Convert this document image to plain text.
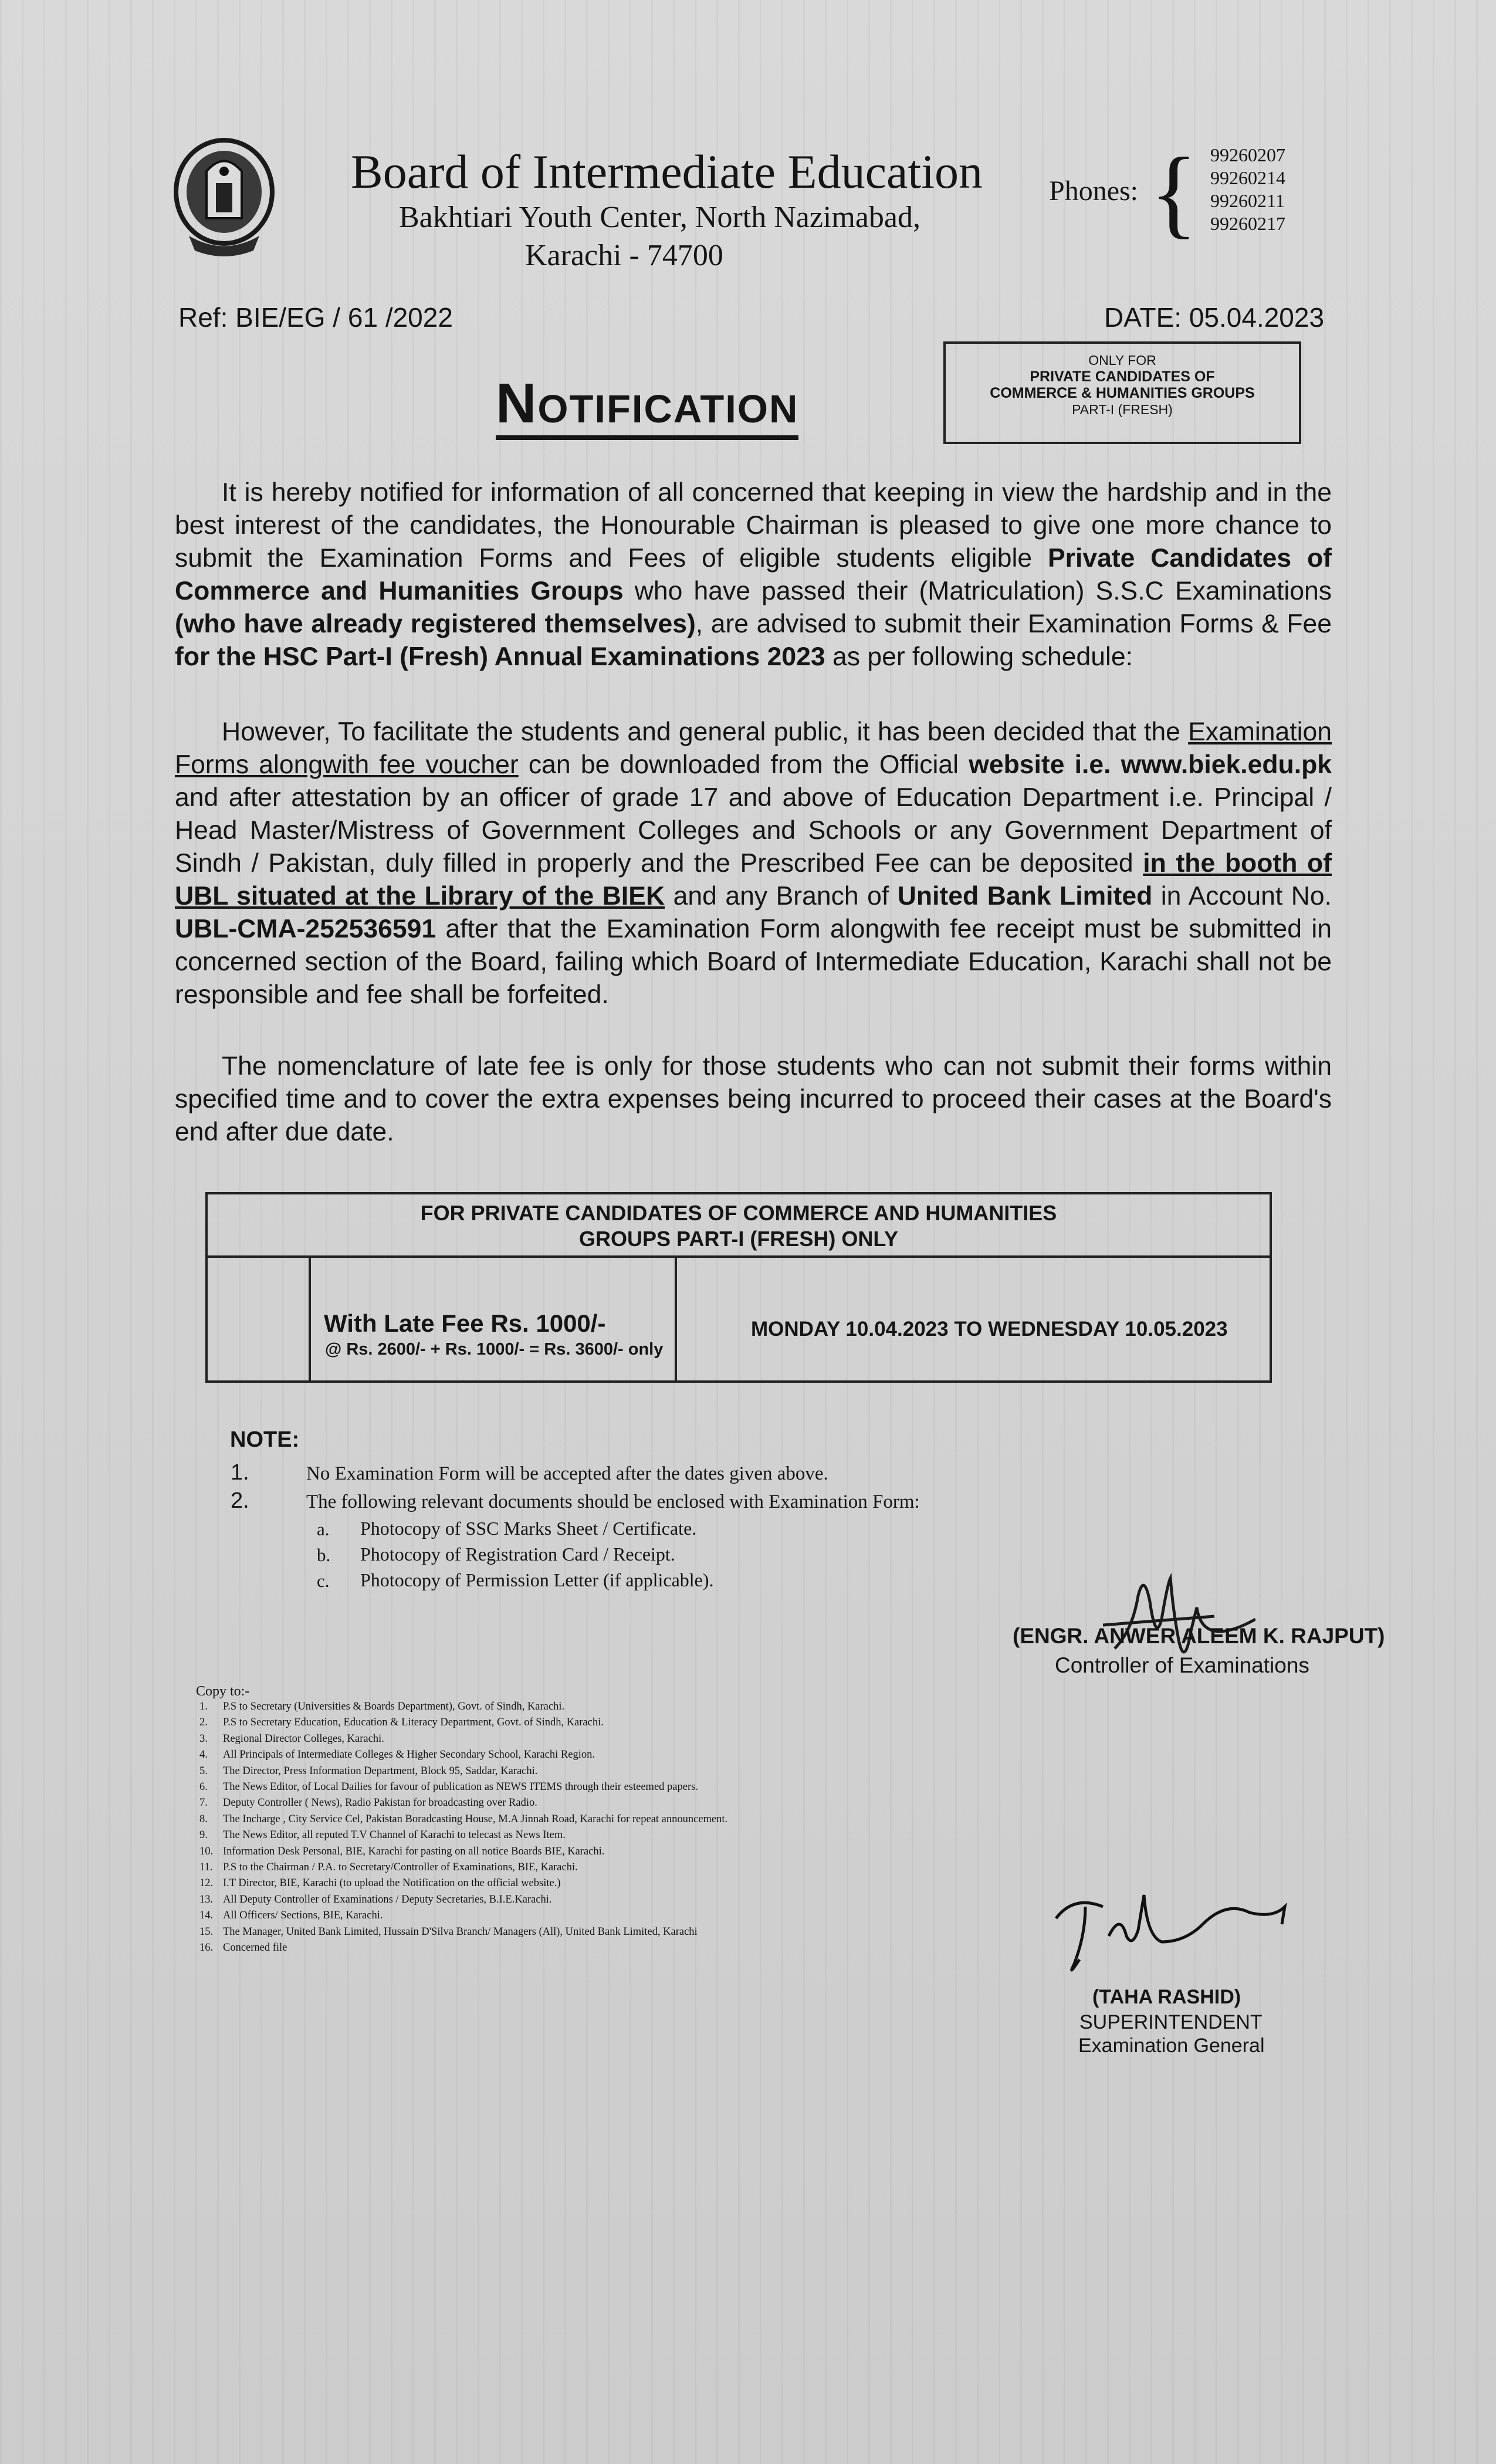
Board of Intermediate Education
Bakhtiari Youth Center, North Nazimabad,
Karachi - 74700
Phones: { 99260207
99260214
99260211
99260217
Ref: BIE/EG / 61 /2022	DATE: 05.04.2023
ONLY FOR
PRIVATE CANDIDATES OF
COMMERCE & HUMANITIES GROUPS
PART-I (FRESH)
Notification
It is hereby notified for information of all concerned that keeping in view the hardship and in the best interest of the candidates, the Honourable Chairman is pleased to give one more chance to submit the Examination Forms and Fees of eligible students eligible Private Candidates of Commerce and Humanities Groups who have passed their (Matriculation) S.S.C Examinations (who have already registered themselves), are advised to submit their Examination Forms & Fee for the HSC Part-I (Fresh) Annual Examinations 2023 as per following schedule:
However, To facilitate the students and general public, it has been decided that the Examination Forms alongwith fee voucher can be downloaded from the Official website i.e. www.biek.edu.pk and after attestation by an officer of grade 17 and above of Education Department i.e. Principal / Head Master/Mistress of Government Colleges and Schools or any Government Department of Sindh / Pakistan, duly filled in properly and the Prescribed Fee can be deposited in the booth of UBL situated at the Library of the BIEK and any Branch of United Bank Limited in Account No. UBL-CMA-252536591 after that the Examination Form alongwith fee receipt must be submitted in concerned section of the Board, failing which Board of Intermediate Education, Karachi shall not be responsible and fee shall be forfeited.
The nomenclature of late fee is only for those students who can not submit their forms within specified time and to cover the extra expenses being incurred to proceed their cases at the Board's end after due date.
FOR PRIVATE CANDIDATES OF COMMERCE AND HUMANITIES
GROUPS PART-I (FRESH) ONLY
With Late Fee Rs. 1000/-
@ Rs. 2600/- + Rs. 1000/- = Rs. 3600/- only
MONDAY 10.04.2023 TO WEDNESDAY 10.05.2023
NOTE:
1.	No Examination Form will be accepted after the dates given above.
2.	The following relevant documents should be enclosed with Examination Form:
a. Photocopy of SSC Marks Sheet / Certificate.
b. Photocopy of Registration Card / Receipt.
c. Photocopy of Permission Letter (if applicable).
(ENGR. ANWER ALEEM K. RAJPUT)
Controller of Examinations
Copy to:-
1. P.S to Secretary (Universities & Boards Department), Govt. of Sindh, Karachi.
2. P.S to Secretary Education, Education & Literacy Department, Govt. of Sindh, Karachi.
3. Regional Director Colleges, Karachi.
4. All Principals of Intermediate Colleges & Higher Secondary School, Karachi Region.
5. The Director, Press Information Department, Block 95, Saddar, Karachi.
6. The News Editor, of Local Dailies for favour of publication as NEWS ITEMS through their esteemed papers.
7. Deputy Controller ( News), Radio Pakistan for broadcasting over Radio.
8. The Incharge , City Service Cel, Pakistan Boradcasting House, M.A Jinnah Road, Karachi for repeat announcement.
9. The News Editor, all reputed T.V Channel of Karachi to telecast as News Item.
10. Information Desk Personal, BIE, Karachi for pasting on all notice Boards BIE, Karachi.
11. P.S to the Chairman / P.A. to Secretary/Controller of Examinations, BIE, Karachi.
12. I.T Director, BIE, Karachi (to upload the Notification on the official website.)
13. All Deputy Controller of Examinations / Deputy Secretaries, B.I.E.Karachi.
14. All Officers/ Sections, BIE, Karachi.
15. The Manager, United Bank Limited, Hussain D'Silva Branch/ Managers (All), United Bank Limited, Karachi
16. Concerned file
(TAHA RASHID)
SUPERINTENDENT
Examination General
